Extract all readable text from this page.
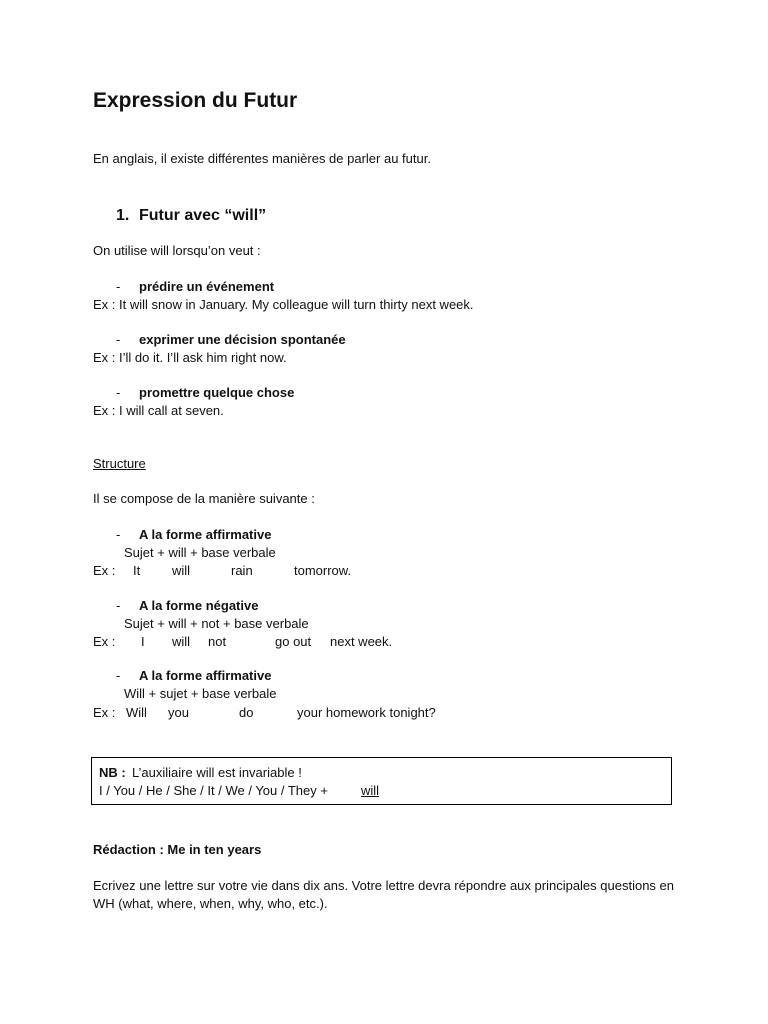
Expression du Futur
En anglais, il existe différentes manières de parler au futur.
1. Futur avec “will”
On utilise will lorsqu’on veut :
- prédire un événement
Ex : It will snow in January. My colleague will turn thirty next week.
- exprimer une décision spontanée
Ex : I’ll do it. I’ll ask him right now.
- promettre quelque chose
Ex : I will call at seven.
Structure
Il se compose de la manière suivante :
- A la forme affirmative
Sujet + will + base verbale
Ex : It will	rain	tomorrow.
- A la forme négative
Sujet + will + not + base verbale
Ex : I will not	go out next week.
- A la forme affirmative
Will + sujet + base verbale
Ex : Will you	do	your homework tonight?
NB : L’auxiliaire will est invariable !
I / You / He / She / It / We / You / They +	will
Rédaction : Me in ten years
Ecrivez une lettre sur votre vie dans dix ans. Votre lettre devra répondre aux principales questions en WH (what, where, when, why, who, etc.).
